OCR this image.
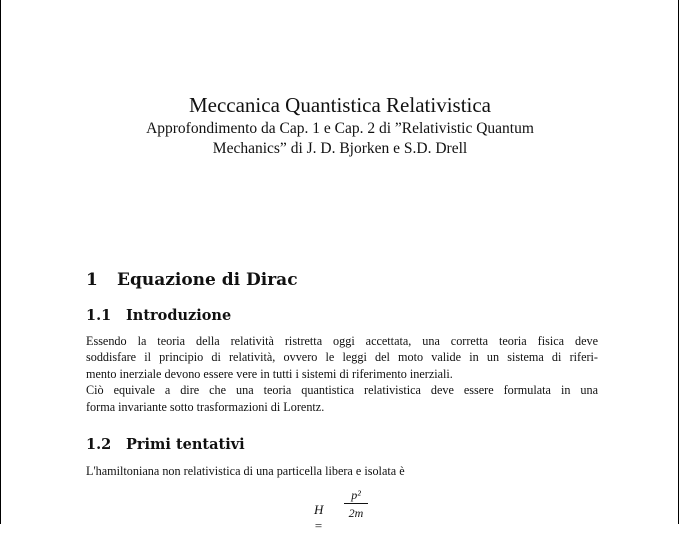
Meccanica Quantistica Relativistica
Approfondimento da Cap. 1 e Cap. 2 di ”Relativistic Quantum
Mechanics” di J. D. Bjorken e S.D. Drell
1 Equazione di Dirac
1.1 Introduzione
Essendo la teoria della relatività ristretta oggi accettata, una corretta teoria fisica deve
soddisfare il principio di relatività, ovvero le leggi del moto valide in un sistema di riferi-
mento inerziale devono essere vere in tutti i sistemi di riferimento inerziali.
Ciò equivale a dire che una teoria quantistica relativistica deve essere formulata in una
forma invariante sotto trasformazioni di Lorentz.
1.2 Primi tentativi
L'hamiltoniana non relativistica di una particella libera e isolata è
H =
p²
2m
